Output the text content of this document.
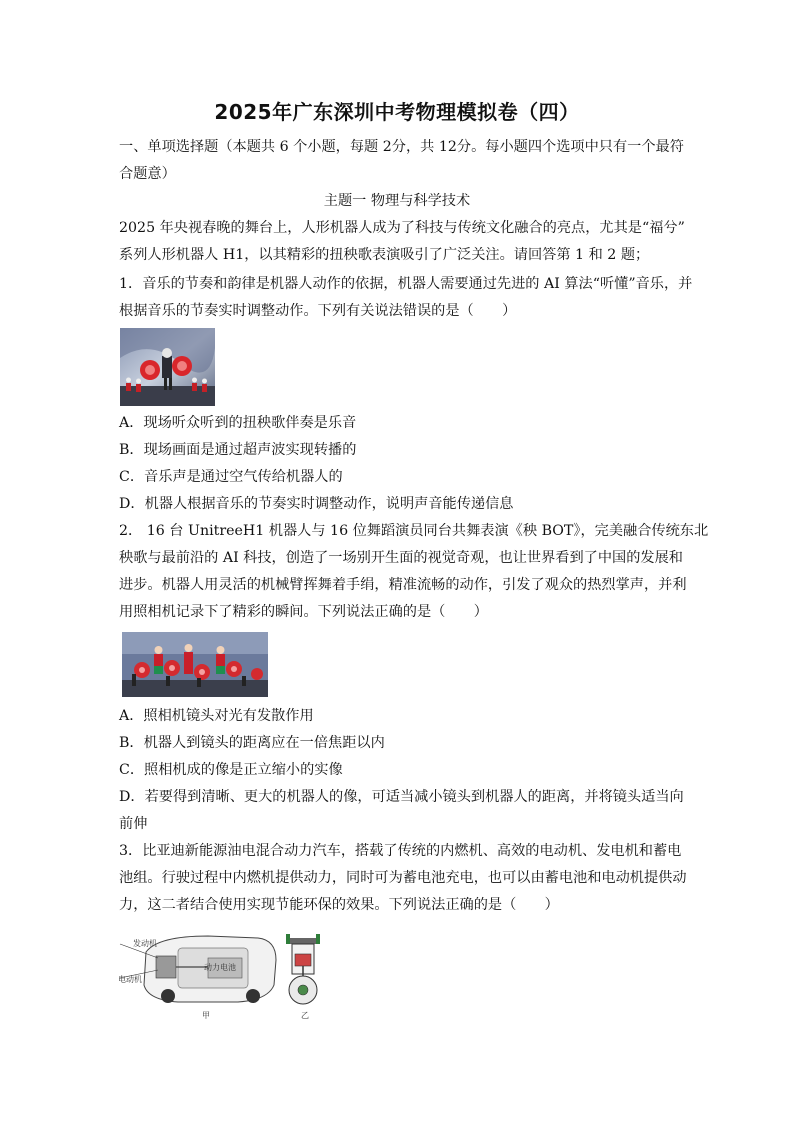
2025年广东深圳中考物理模拟卷（四）
一、单项选择题（本题共 6 个小题，每题 2分，共 12分。每小题四个选项中只有一个最符
合题意）
主题一 物理与科学技术
2025 年央视春晚的舞台上，人形机器人成为了科技与传统文化融合的亮点，尤其是“福兮”
系列人形机器人 H1，以其精彩的扭秧歌表演吸引了广泛关注。请回答第 1 和 2 题；
1．音乐的节奏和韵律是机器人动作的依据，机器人需要通过先进的 AI 算法“听懂”音乐，并
根据音乐的节奏实时调整动作。下列有关说法错误的是（　　）
A．现场听众听到的扭秧歌伴奏是乐音
B．现场画面是通过超声波实现转播的
C．音乐声是通过空气传给机器人的
D．机器人根据音乐的节奏实时调整动作，说明声音能传递信息
2． 16 台 UnitreeH1 机器人与 16 位舞蹈演员同台共舞表演《秧 BOT》，完美融合传统东北
秧歌与最前沿的 AI 科技，创造了一场别开生面的视觉奇观，也让世界看到了中国的发展和
进步。机器人用灵活的机械臂挥舞着手绢，精准流畅的动作，引发了观众的热烈掌声，并利
用照相机记录下了精彩的瞬间。下列说法正确的是（　　）
A．照相机镜头对光有发散作用
B．机器人到镜头的距离应在一倍焦距以内
C．照相机成的像是正立缩小的实像
D．若要得到清晰、更大的机器人的像，可适当减小镜头到机器人的距离，并将镜头适当向
前伸
3．比亚迪新能源油电混合动力汽车，搭载了传统的内燃机、高效的电动机、发电机和蓄电
池组。行驶过程中内燃机提供动力，同时可为蓄电池充电，也可以由蓄电池和电动机提供动
力，这二者结合使用实现节能环保的效果。下列说法正确的是（　　）
发动机
动力电池
电动机
甲	乙
